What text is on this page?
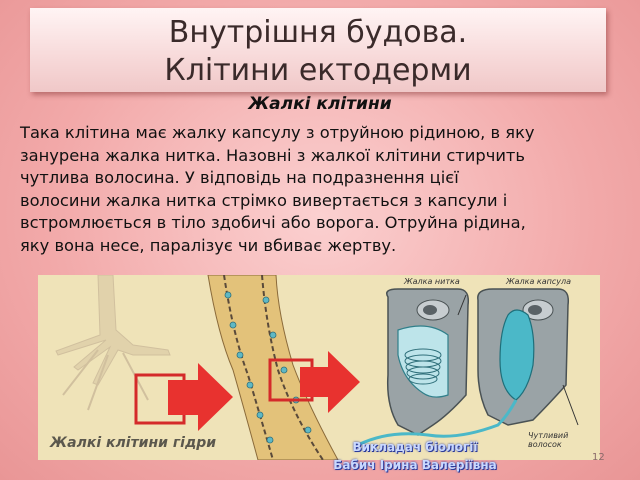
Внутрішня будова.
Клітини ектодерми
Жалкі клітини
Така клітина має жалку капсулу з отруйною рідиною, в яку
занурена жалка нитка. Назовні з жалкої клітини стирчить
чутлива волосина. У відповідь на подразнення цієї
волосини жалка нитка стрімко вивертається з капсули і
встромлюється в тіло здобичі або ворога. Отруйна рідина,
яку вона несе, паралізує чи вбиває жертву.
Жалка нитка	Жалка капсула
Чутливий волосок
Жалкі клітини гідри	Викладач біології
Бабич Ірина Валеріївна
12
